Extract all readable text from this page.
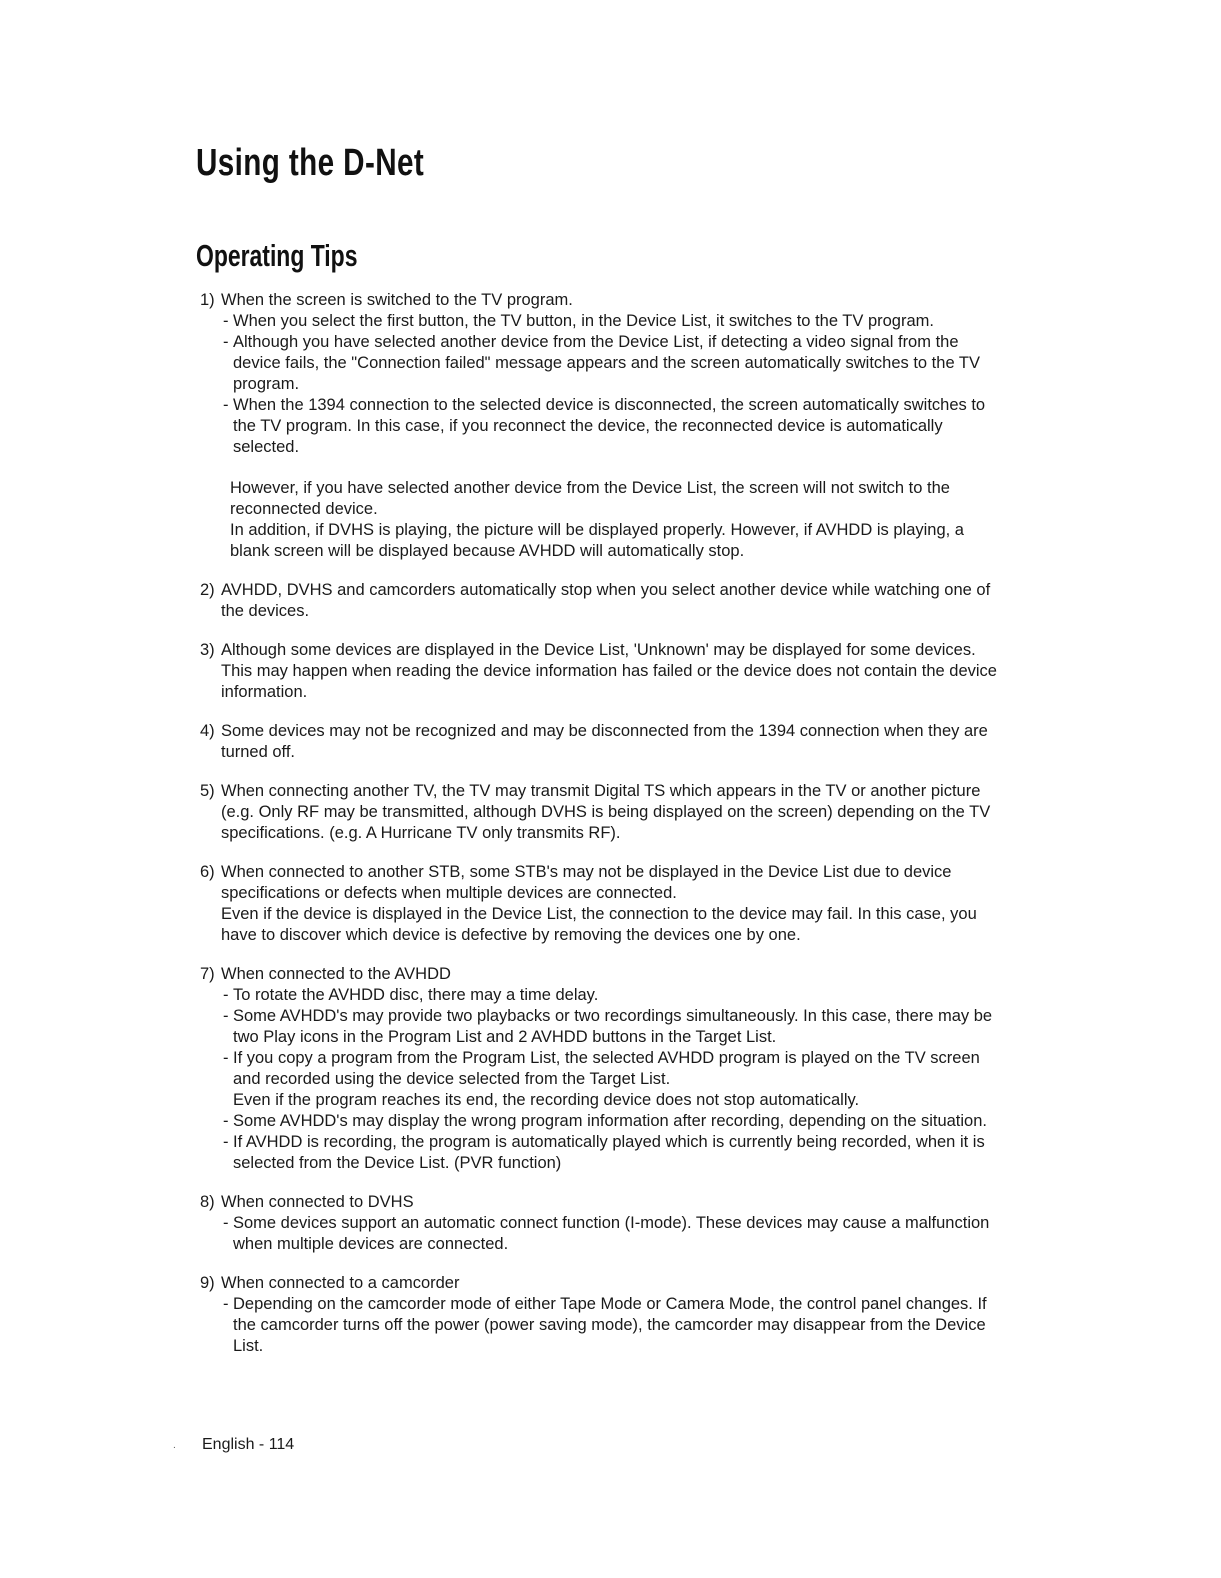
Using the D-Net
Operating Tips
1) When the screen is switched to the TV program.
- When you select the first button, the TV button, in the Device List, it switches to the TV program.
- Although you have selected another device from the Device List, if detecting a video signal from the device fails, the "Connection failed" message appears and the screen automatically switches to the TV program.
- When the 1394 connection to the selected device is disconnected, the screen automatically switches to the TV program. In this case, if you reconnect the device, the reconnected device is automatically selected.
However, if you have selected another device from the Device List, the screen will not switch to the reconnected device.
In addition, if DVHS is playing, the picture will be displayed properly. However, if AVHDD is playing, a blank screen will be displayed because AVHDD will automatically stop.
2) AVHDD, DVHS and camcorders automatically stop when you select another device while watching one of the devices.
3) Although some devices are displayed in the Device List, 'Unknown' may be displayed for some devices. This may happen when reading the device information has failed or the device does not contain the device information.
4) Some devices may not be recognized and may be disconnected from the 1394 connection when they are turned off.
5) When connecting another TV, the TV may transmit Digital TS which appears in the TV or another picture (e.g. Only RF may be transmitted, although DVHS is being displayed on the screen) depending on the TV specifications. (e.g. A Hurricane TV only transmits RF).
6) When connected to another STB, some STB's may not be displayed in the Device List due to device specifications or defects when multiple devices are connected.
Even if the device is displayed in the Device List, the connection to the device may fail. In this case, you have to discover which device is defective by removing the devices one by one.
7) When connected to the AVHDD
- To rotate the AVHDD disc, there may a time delay.
- Some AVHDD's may provide two playbacks or two recordings simultaneously. In this case, there may be two Play icons in the Program List and 2 AVHDD buttons in the Target List.
- If you copy a program from the Program List, the selected AVHDD program is played on the TV screen and recorded using the device selected from the Target List.
Even if the program reaches its end, the recording device does not stop automatically.
- Some AVHDD's may display the wrong program information after recording, depending on the situation.
- If AVHDD is recording, the program is automatically played which is currently being recorded, when it is selected from the Device List. (PVR function)
8) When connected to DVHS
- Some devices support an automatic connect function (I-mode). These devices may cause a malfunction when multiple devices are connected.
9) When connected to a camcorder
- Depending on the camcorder mode of either Tape Mode or Camera Mode, the control panel changes. If the camcorder turns off the power (power saving mode), the camcorder may disappear from the Device List.
. English - 114
